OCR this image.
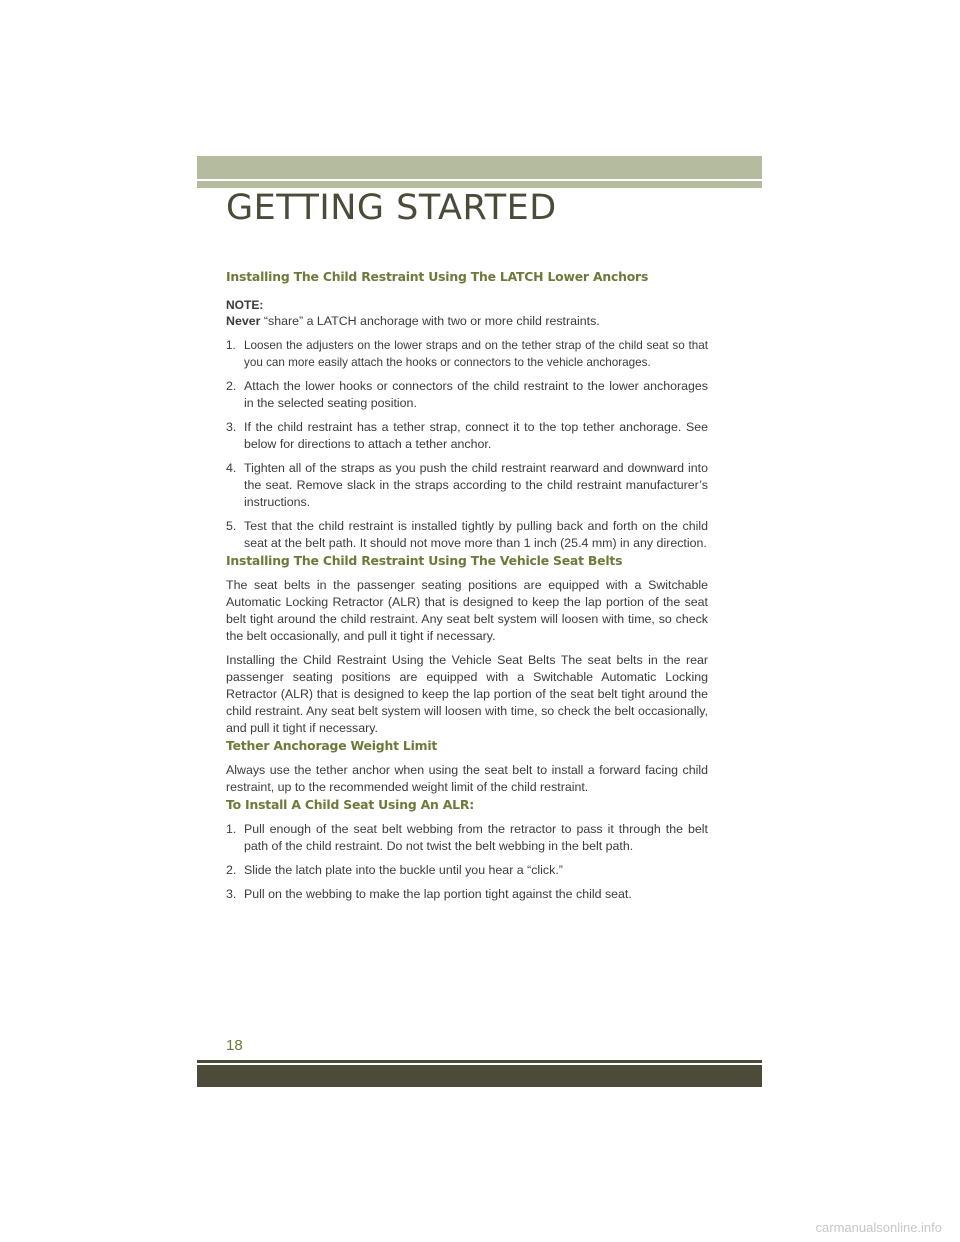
GETTING STARTED
Installing The Child Restraint Using The LATCH Lower Anchors
NOTE:

Never “share” a LATCH anchorage with two or more child restraints.

1. Loosen the adjusters on the lower straps and on the tether strap of the child seat so that you can more easily attach the hooks or connectors to the vehicle anchorages.
2. Attach the lower hooks or connectors of the child restraint to the lower anchorages in the selected seating position.
3. If the child restraint has a tether strap, connect it to the top tether anchorage. See below for directions to attach a tether anchor.
4. Tighten all of the straps as you push the child restraint rearward and downward into the seat. Remove slack in the straps according to the child restraint manufacturer’s instructions.
5. Test that the child restraint is installed tightly by pulling back and forth on the child seat at the belt path. It should not move more than 1 inch (25.4 mm) in any direction.
Installing The Child Restraint Using The Vehicle Seat Belts

The seat belts in the passenger seating positions are equipped with a Switchable Automatic Locking Retractor (ALR) that is designed to keep the lap portion of the seat belt tight around the child restraint. Any seat belt system will loosen with time, so check the belt occasionally, and pull it tight if necessary.

Installing the Child Restraint Using the Vehicle Seat Belts The seat belts in the rear passenger seating positions are equipped with a Switchable Automatic Locking Retractor (ALR) that is designed to keep the lap portion of the seat belt tight around the child restraint. Any seat belt system will loosen with time, so check the belt occasionally, and pull it tight if necessary.

Tether Anchorage Weight Limit

Always use the tether anchor when using the seat belt to install a forward facing child restraint, up to the recommended weight limit of the child restraint.

To Install A Child Seat Using An ALR:
1. Pull enough of the seat belt webbing from the retractor to pass it through the belt path of the child restraint. Do not twist the belt webbing in the belt path.
2. Slide the latch plate into the buckle until you hear a “click.”
3. Pull on the webbing to make the lap portion tight against the child seat.
18
carmanualsonline.info
